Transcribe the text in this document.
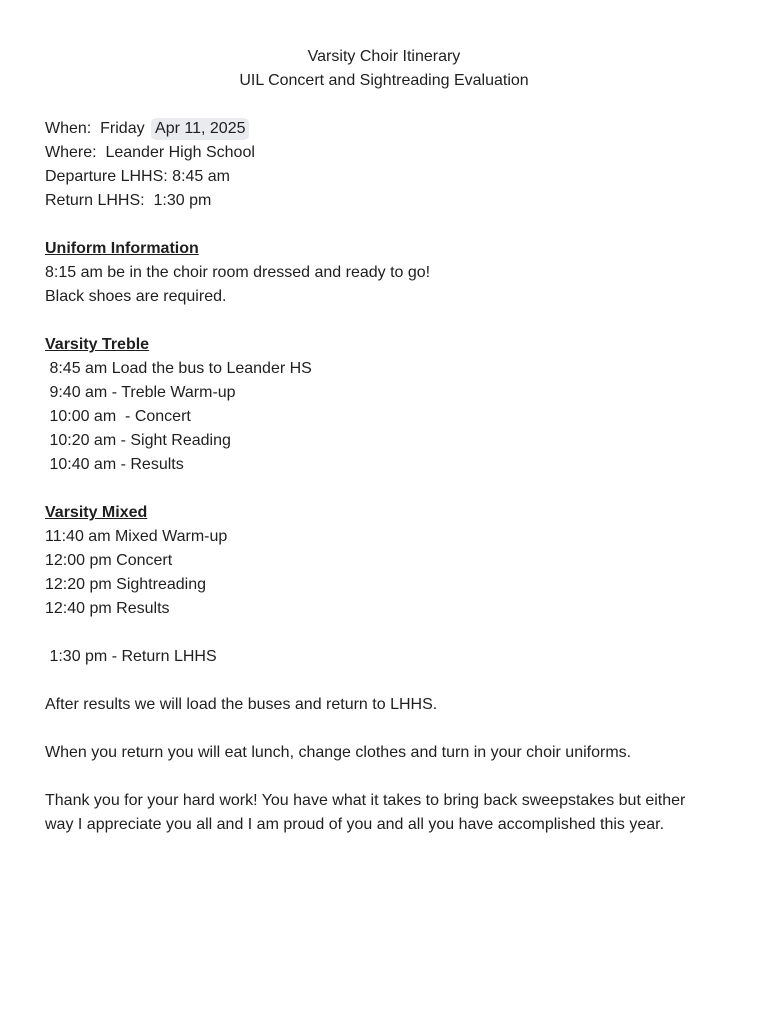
Varsity Choir Itinerary
UIL Concert and Sightreading Evaluation
When:  Friday Apr 11, 2025
Where:  Leander High School
Departure LHHS: 8:45 am
Return LHHS:  1:30 pm
Uniform Information
8:15 am be in the choir room dressed and ready to go!
Black shoes are required.
Varsity Treble
8:45 am Load the bus to Leander HS
9:40 am - Treble Warm-up
10:00 am  - Concert
10:20 am - Sight Reading
10:40 am - Results
Varsity Mixed
11:40 am Mixed Warm-up
12:00 pm Concert
12:20 pm Sightreading
12:40 pm Results
1:30 pm - Return LHHS
After results we will load the buses and return to LHHS.
When you return you will eat lunch, change clothes and turn in your choir uniforms.
Thank you for your hard work! You have what it takes to bring back sweepstakes but either way I appreciate you all and I am proud of you and all you have accomplished this year.
